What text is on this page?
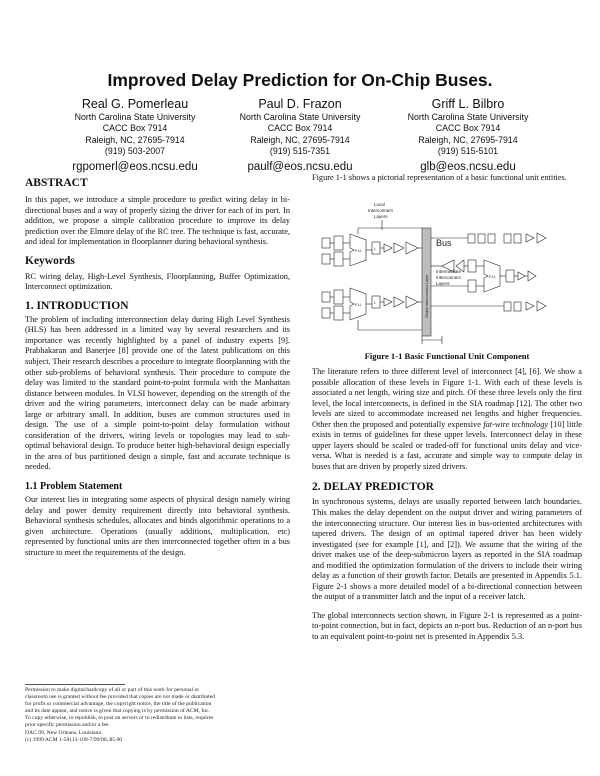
Improved Delay Prediction for On-Chip Buses.
Real G. Pomerleau
North Carolina State University
CACC Box 7914
Raleigh, NC, 27695-7914
(919) 503-2007
rgpomerl@eos.ncsu.edu
Paul D. Frazon
North Carolina State University
CACC Box 7914
Raleigh, NC, 27695-7914
(919) 515-7351
paulf@eos.ncsu.edu
Griff L. Bilbro
North Carolina State University
CACC Box 7914
Raleigh, NC, 27695-7914
(919) 515-5101
glb@eos.ncsu.edu
ABSTRACT

In this paper, we introduce a simple procedure to predict wiring delay in bi-directional buses and a way of properly sizing the driver for each of its port. In addition, we propose a simple calibration procedure to improve its delay prediction over the Elmore delay of the RC tree. The technique is fast, accurate, and ideal for implementation in floorplanner during behavioral synthesis.

Keywords

RC wiring delay, High-Level Synthesis, Floorplanning, Buffer Optimization, Interconnect optimization.

1. INTRODUCTION

The problem of including interconnection delay during High Level Synthesis (HLS) has been addressed in a limited way by several researchers and its importance was recently highlighted by a panel of industry experts [9]. Prabhakaran and Banerjee [8] provide one of the latest publications on this subject. Their research describes a procedure to integrate floorplanning with the other sub-problems of behavioral synthesis. Their procedure to compute the delay was limited to the standard point-to-point formula with the Manhattan distance between modules. In VLSI however, depending on the strength of the driver and the wiring parameters, interconnect delay can be made arbitrary large or arbitrary small. In addition, buses are common structures used in design. The use of a simple point-to-point delay formulation without consideration of the drivers, wiring levels or topologies may lead to sub-optimal behavioral design. To produce better high-behavioral design especially in the area of bus partitioned design a simple, fast and accurate technique is needed.

1.1 Problem Statement

Our interest lies in integrating some aspects of physical design namely wiring delay and power density requirement directly into behavioral synthesis. Behavioral synthesis schedules, allocates and binds algorithmic operations to a given architecture. Operations (usually additions, multiplication, etc) represented by functional units are then interconnected together often in a bus structure to meet the requirements of the design.

Permission to make digital/hardcopy of all or part of this work for personal or
classroom use is granted without fee provided that copies are not made or distributed
for profit or commercial advantage, the copyright notice, the title of the publication
and its date appear, and notice is given that copying is by permission of ACM, Inc.
To copy otherwise, to republish, to post on servers or to redistribute to lists, requires
prior specific permission and/or a fee.
DAC 99, New Orleans, Louisiana
(c) 1999 ACM 1-58113-109-7/99/06..$5.00

Figure 1-1 shows a pictorial representation of a basic functional unit entities.

Local
Interconnect
Layers
Bus
Intermediate
Interconnect
Layers
Global Interconnect Layer
F.U.	L
F.U.	L
F.U.
Figure 1-1 Basic Functional Unit Component

The literature refers to three different level of interconnect [4], [6]. We show a possible allocation of these levels in Figure 1-1. With each of these levels is associated a net length, wiring size and pitch. Of these three levels only the first level, the local interconnects, is defined in the SIA roadmap [12]. The other two levels are sized to accommodate increased net lengths and higher frequencies. Other then the proposed and potentially expensive fat-wire technology [10] little exists in terms of guidelines for these upper levels. Interconnect delay in these upper layers should be scaled or traded-off for functional units delay and vice-versa. What is needed is a fast, accurate and simple way to compute delay in buses that are driven by properly sized drivers.

2. DELAY PREDICTOR

In synchronous systems, delays are usually reported between latch boundaries. This makes the delay dependent on the output driver and wiring parameters of the interconnecting structure. Our interest lies in bus-oriented architectures with tapered drivers. The design of an optimal tapered driver has been widely investigated (see for example [1], and [2]). We assume that the wiring of the driver makes use of the deep-submicron layers as reported in the SIA roadmap and modified the optimization formulation of the drivers to include their wiring delay as a function of their growth factor. Details are presented in Appendix 5.1. Figure 2-1 shows a more detailed model of a bi-directional connection between the output of a transmitter latch and the input of a receiver latch.

The global interconnects section shown, in Figure 2-1 is represented as a point-to-point connection, but in fact, depicts an n-port bus. Reduction of an n-port bus to an equivalent point-to-point net is presented in Appendix 5.3.
